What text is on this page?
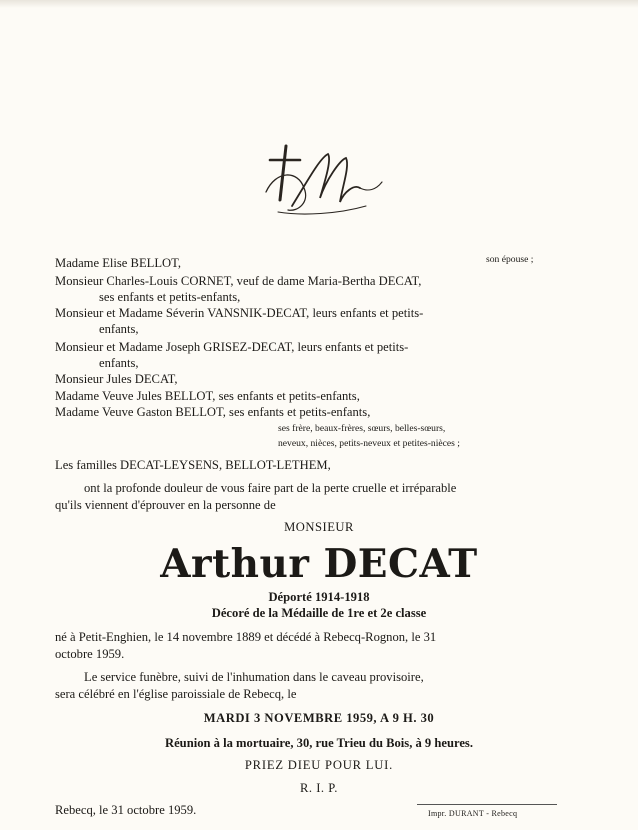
Madame Elise BELLOT,	son épouse ;
Monsieur Charles-Louis CORNET, veuf de dame Maria-Bertha DECAT,
ses enfants et petits-enfants,
Monsieur et Madame Séverin VANSNIK-DECAT, leurs enfants et petits-
enfants,
Monsieur et Madame Joseph GRISEZ-DECAT, leurs enfants et petits-
enfants,
Monsieur Jules DECAT,
Madame Veuve Jules BELLOT, ses enfants et petits-enfants,
Madame Veuve Gaston BELLOT, ses enfants et petits-enfants,
ses frère, beaux-frères, sœurs, belles-sœurs,
neveux, nièces, petits-neveux et petites-nièces ;
Les familles DECAT-LEYSENS, BELLOT-LETHEM,
ont la profonde douleur de vous faire part de la perte cruelle et irréparable
qu'ils viennent d'éprouver en la personne de
MONSIEUR
Arthur DECAT
Déporté 1914-1918
Décoré de la Médaille de 1re et 2e classe
né à Petit-Enghien, le 14 novembre 1889 et décédé à Rebecq-Rognon, le 31
octobre 1959.
Le service funèbre, suivi de l'inhumation dans le caveau provisoire,
sera célébré en l'église paroissiale de Rebecq, le
MARDI 3 NOVEMBRE 1959, A 9 H. 30
Réunion à la mortuaire, 30, rue Trieu du Bois, à 9 heures.
PRIEZ DIEU POUR LUI.
R. I. P.
Rebecq, le 31 octobre 1959.	Impr. DURANT - Rebecq
